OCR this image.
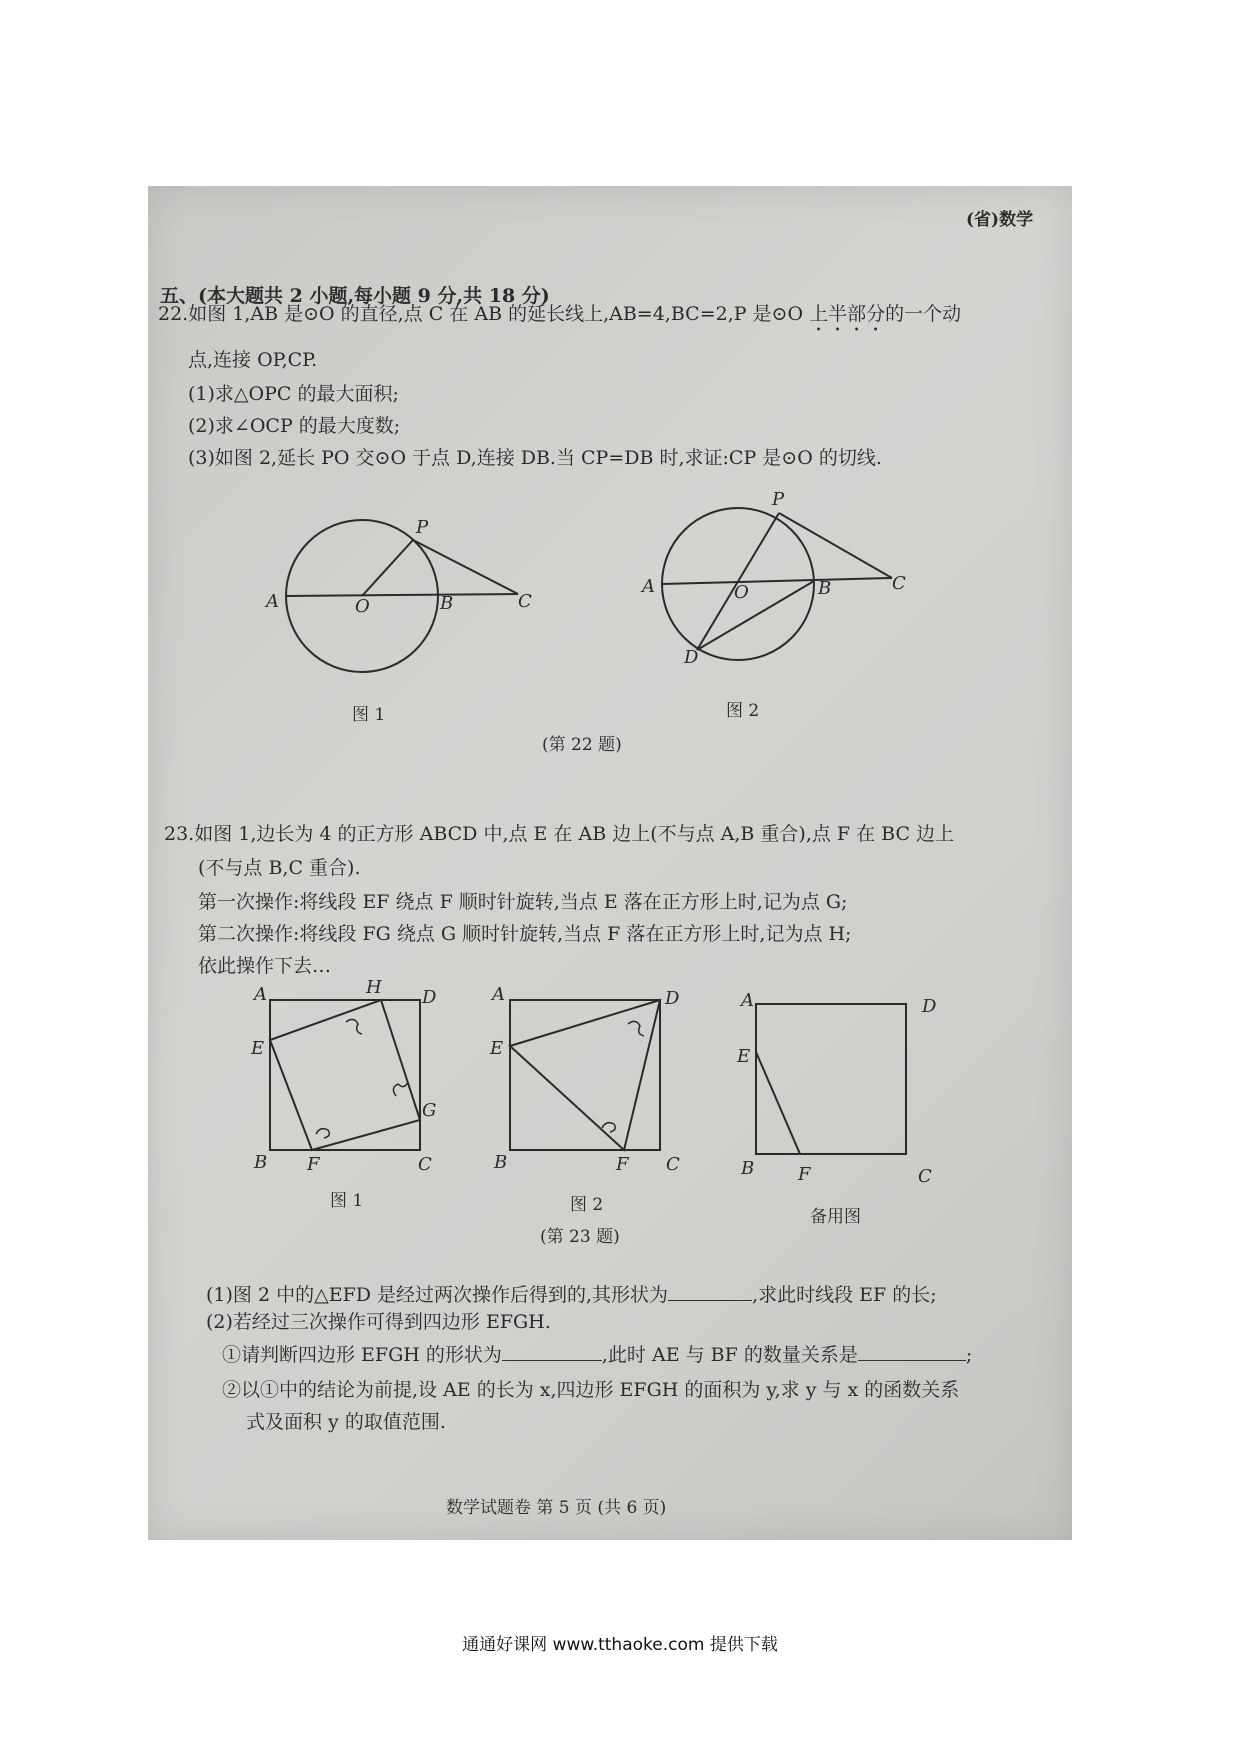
(省)数学
五、(本大题共 2 小题,每小题 9 分,共 18 分)
22.如图 1,AB 是⊙O 的直径,点 C 在 AB 的延长线上,AB=4,BC=2,P 是⊙O 上半部分的一个动
点,连接 OP,CP.
(1)求△OPC 的最大面积;
(2)求∠OCP 的最大度数;
(3)如图 2,延长 PO 交⊙O 于点 D,连接 DB.当 CP=DB 时,求证:CP 是⊙O 的切线.
A	O	B	C
P
A	O	B	C
P
D
图 1	图 2
(第 22 题)
23.如图 1,边长为 4 的正方形 ABCD 中,点 E 在 AB 边上(不与点 A,B 重合),点 F 在 BC 边上
(不与点 B,C 重合).
第一次操作:将线段 EF 绕点 F 顺时针旋转,当点 E 落在正方形上时,记为点 G;
第二次操作:将线段 FG 绕点 G 顺时针旋转,当点 F 落在正方形上时,记为点 H;
依此操作下去…
A	H D
E
G
B F	C
A	D
E
B	F C
A	D
E
B F	C
图 1	图 2
备用图
(第 23 题)
(1)图 2 中的△EFD 是经过两次操作后得到的,其形状为	,求此时线段 EF 的长;
(2)若经过三次操作可得到四边形 EFGH.
①请判断四边形 EFGH 的形状为	,此时 AE 与 BF 的数量关系是	;
②以①中的结论为前提,设 AE 的长为 x,四边形 EFGH 的面积为 y,求 y 与 x 的函数关系
式及面积 y 的取值范围.
数学试题卷 第 5 页 (共 6 页)
通通好课网 www.tthaoke.com 提供下载
